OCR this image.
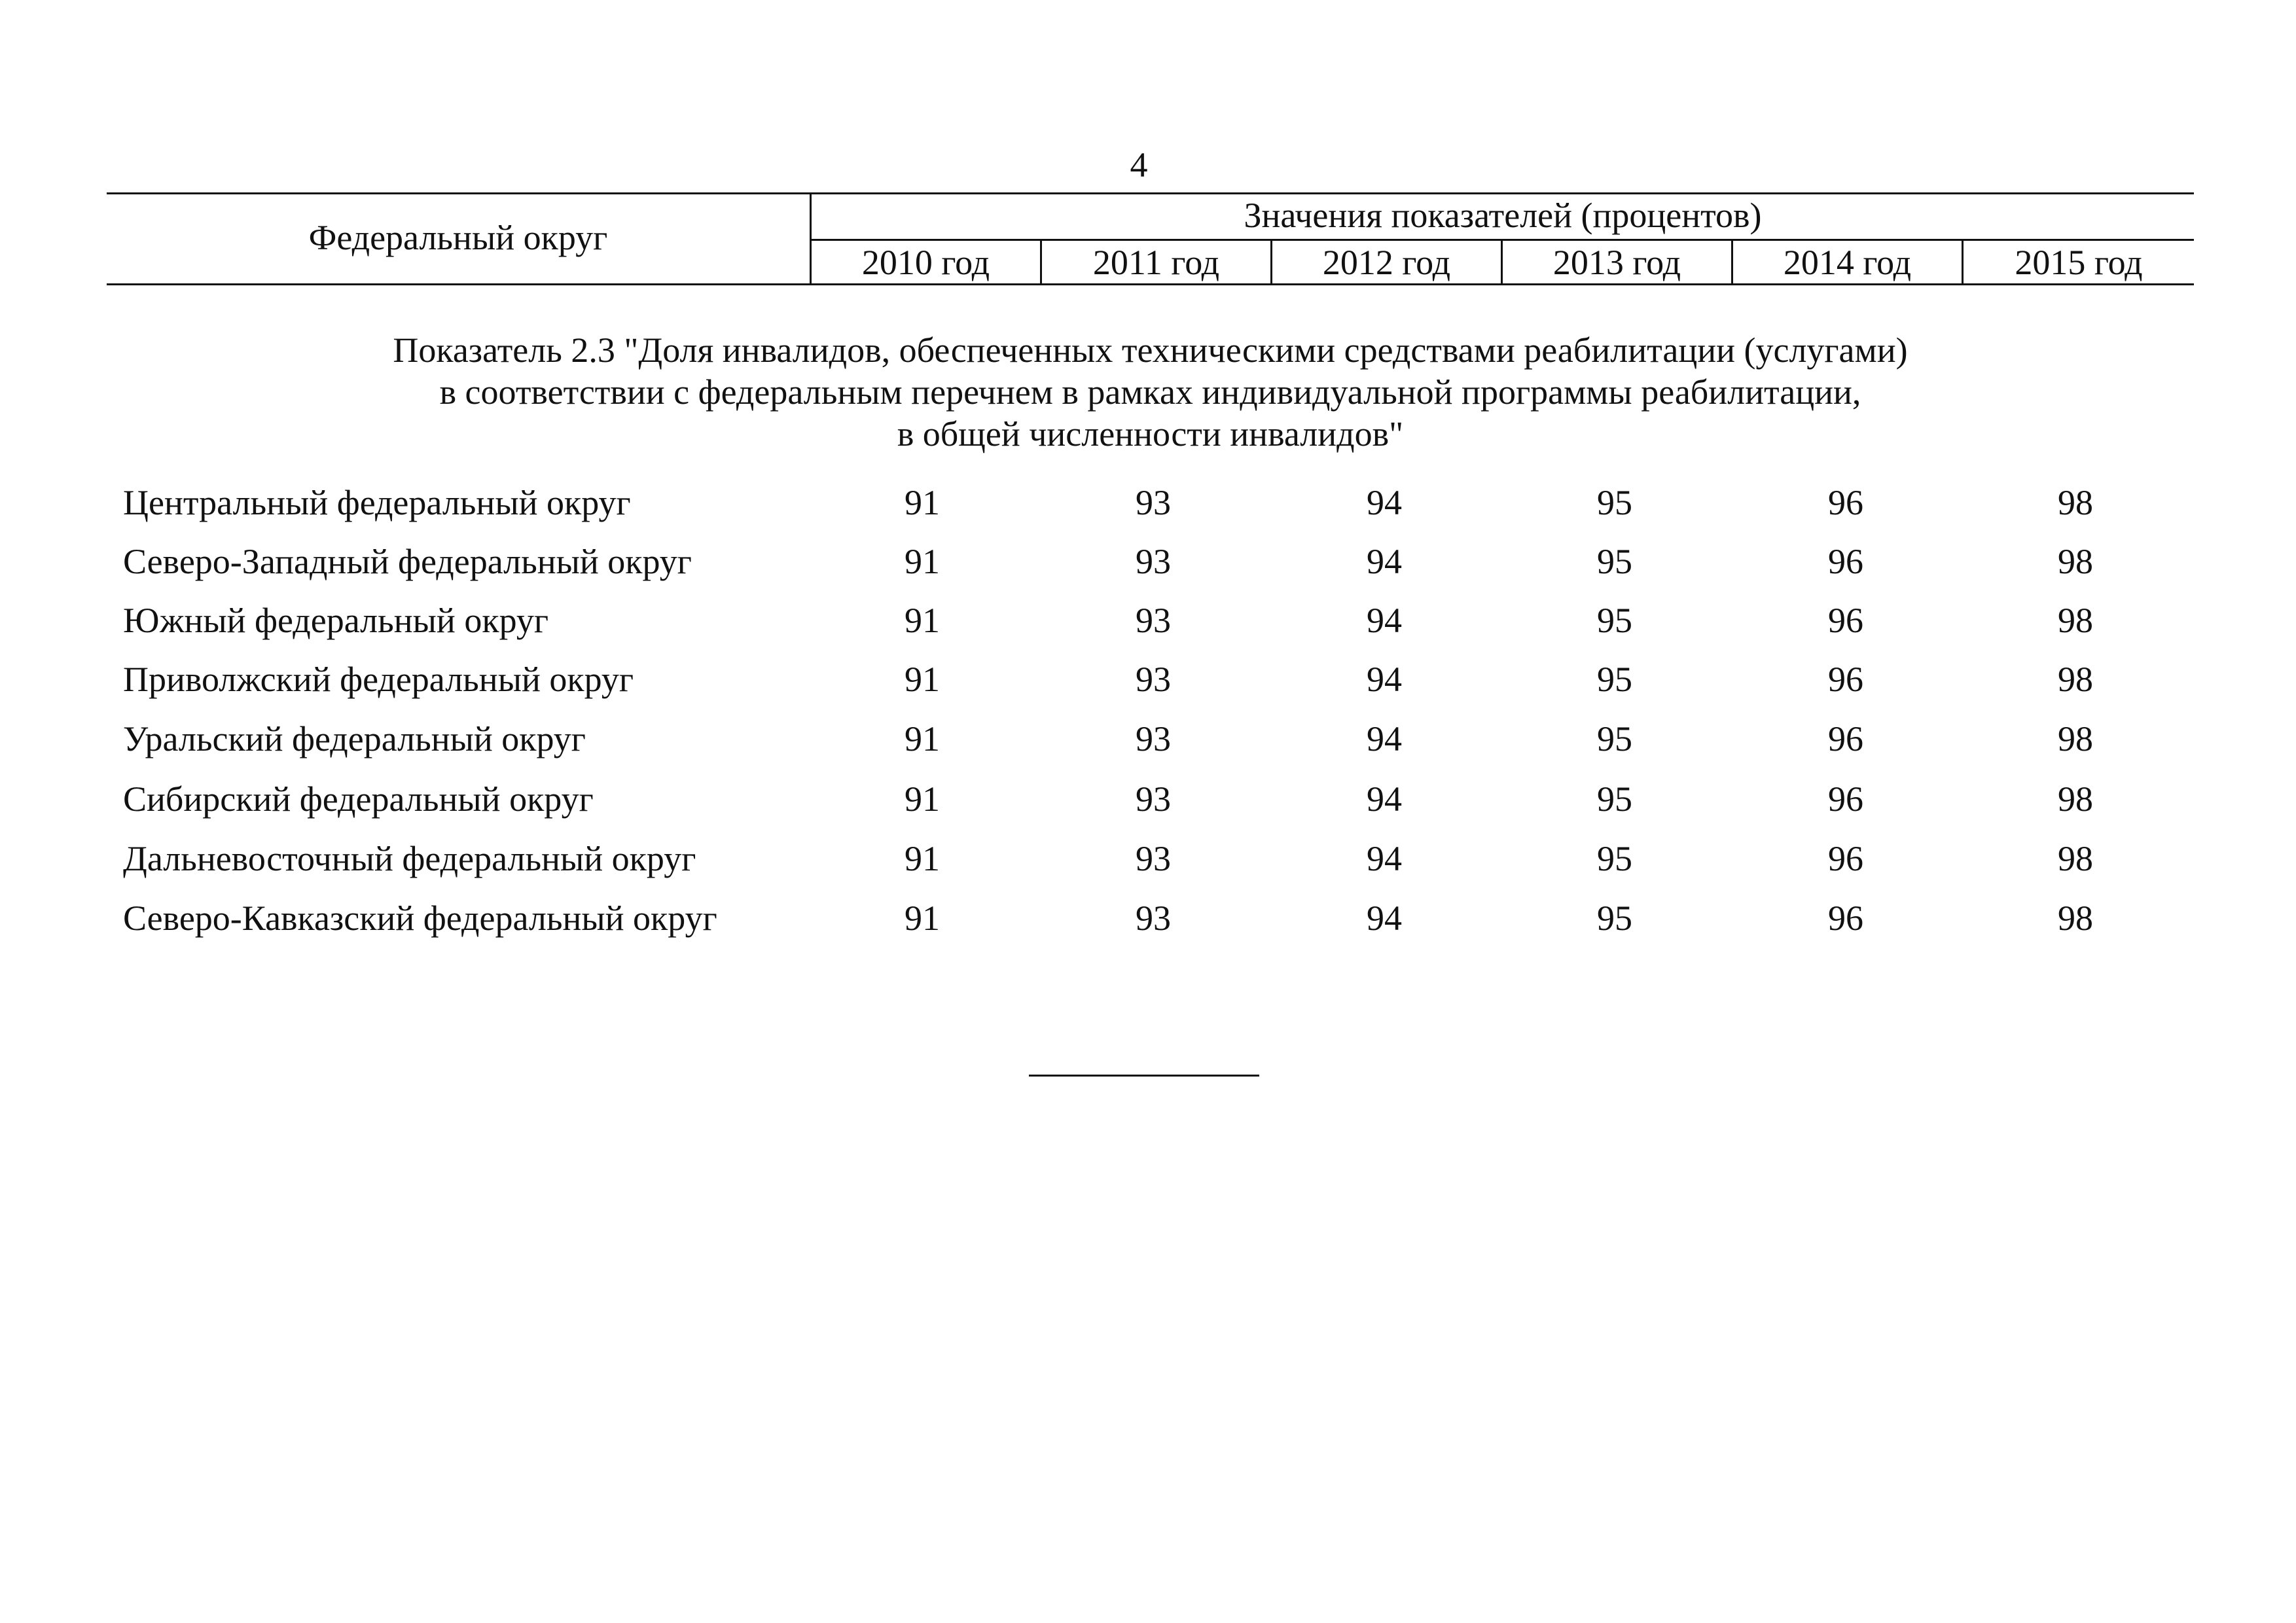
4
Федеральный округ
Значения показателей (процентов)
2010 год	2011 год	2012 год	2013 год	2014 год	2015 год
Показатель 2.3 "Доля инвалидов, обеспеченных техническими средствами реабилитации (услугами)
в соответствии с федеральным перечнем в рамках индивидуальной программы реабилитации,
в общей численности инвалидов"
Центральный федеральный округ	91	93	94	95	96	98
Северо-Западный федеральный округ	91	93	94	95	96	98
Южный федеральный округ	91	93	94	95	96	98
Приволжский федеральный округ	91	93	94	95	96	98
Уральский федеральный округ	91	93	94	95	96	98
Сибирский федеральный округ	91	93	94	95	96	98
Дальневосточный федеральный округ	91	93	94	95	96	98
Северо-Кавказский федеральный округ	91	93	94	95	96	98
